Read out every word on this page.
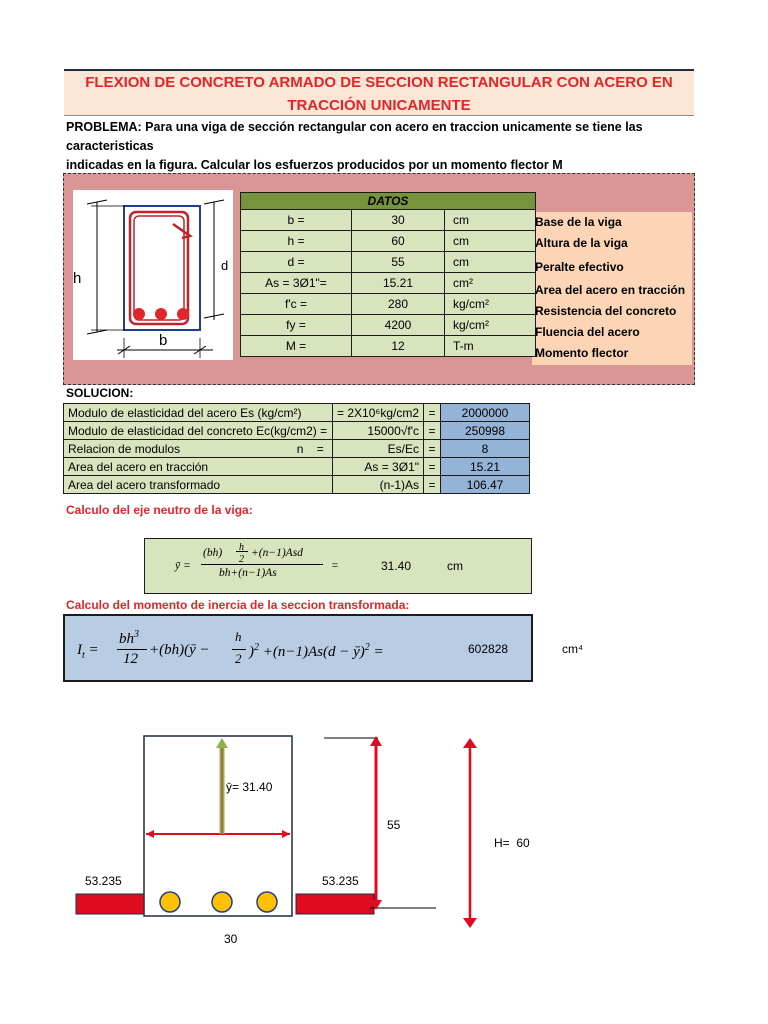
FLEXION DE CONCRETO ARMADO DE SECCION RECTANGULAR CON ACERO EN
TRACCIÓN UNICAMENTE
PROBLEMA: Para una viga de sección rectangular con acero en traccion unicamente se tiene las caracteristicas
indicadas en la figura. Calcular los esfuerzos producidos por un momento flector M
h
d
b
DATOS		
b =	30	cm
h =	60	cm
d =	55	cm
As = 3Ø1"=	15.21	cm²
f'c =	280	kg/cm²
fy =	4200	kg/cm²
M =	12	T-m
Base de la viga
Altura de la viga
Peralte efectivo
Area del acero en tracción
Resistencia del concreto
Fluencia del acero
Momento flector
SOLUCION:
Modulo de elasticidad del acero Es (kg/cm²)	= 2X10⁶kg/cm2	=	2000000
Modulo de elasticidad del concreto Ec(kg/cm2) =	15000√f'c	=	250998
Relacion de modulos                                   n    =	Es/Ec	=	8
Area del acero en tracción	As = 3Ø1"	=	15.21
Area del acero transformado	(n-1)As	=	106.47
Calculo del eje neutro de la viga:
ӯ =
(bh) h
2
+(n−1)Asd
bh+(n−1)As
=	31.40	cm
Calculo del momento de inercia de la seccion transformada:
$I_t$ =
$bh^3$
12
+(bh)(ӯ −
h
2 )$^2 +(n-1)As(d - ӯ)^2$ =	602828	cm⁴
ӯ= 31.40
55
H=  60
53.235	53.235
30
